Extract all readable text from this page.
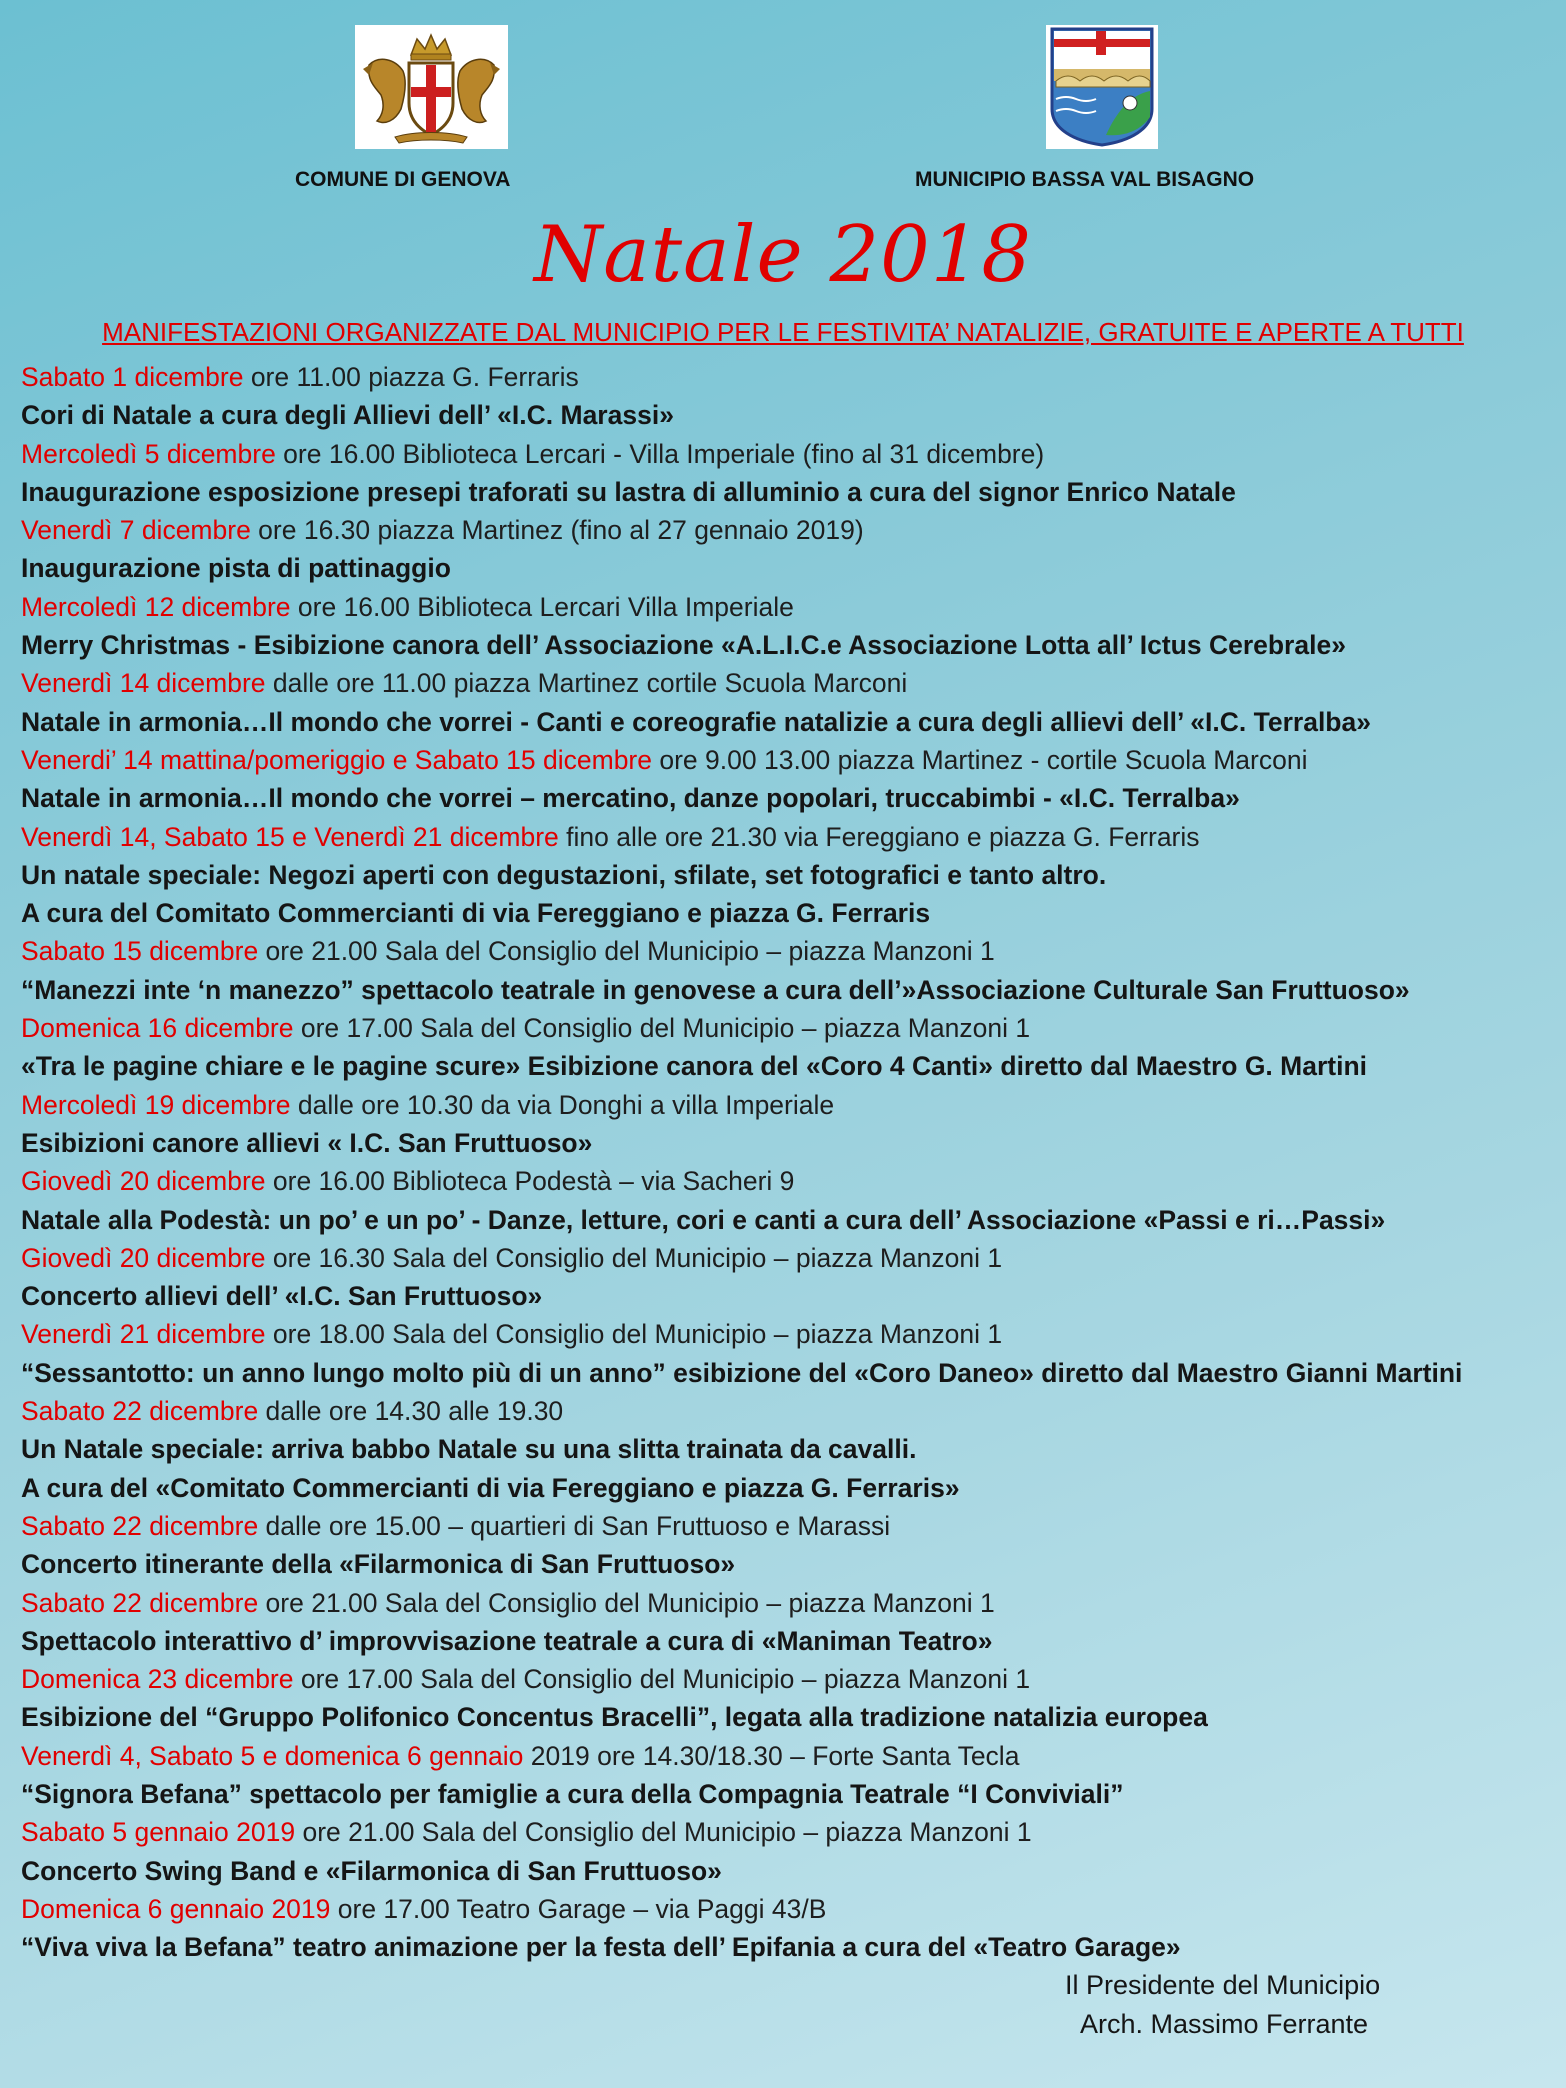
COMUNE DI GENOVA	MUNICIPIO BASSA VAL BISAGNO
Natale 2018
MANIFESTAZIONI ORGANIZZATE DAL MUNICIPIO PER LE FESTIVITA’ NATALIZIE, GRATUITE E APERTE A TUTTI
Sabato 1 dicembre ore 11.00 piazza G. Ferraris
Cori di Natale a cura degli Allievi dell’ «I.C. Marassi»
Mercoledì 5 dicembre ore 16.00 Biblioteca Lercari - Villa Imperiale (fino al 31 dicembre)
Inaugurazione esposizione presepi traforati su lastra di alluminio a cura del signor Enrico Natale
Venerdì 7 dicembre ore 16.30 piazza Martinez (fino al 27 gennaio 2019)
Inaugurazione pista di pattinaggio
Mercoledì 12 dicembre ore 16.00 Biblioteca Lercari Villa Imperiale
Merry Christmas - Esibizione canora dell’ Associazione «A.L.I.C.e Associazione Lotta all’ Ictus Cerebrale»
Venerdì 14 dicembre dalle ore 11.00 piazza Martinez cortile Scuola Marconi
Natale in armonia…Il mondo che vorrei - Canti e coreografie natalizie a cura degli allievi dell’ «I.C. Terralba»
Venerdi’ 14 mattina/pomeriggio e Sabato 15 dicembre ore 9.00 13.00 piazza Martinez - cortile Scuola Marconi
Natale in armonia…Il mondo che vorrei – mercatino, danze popolari, truccabimbi - «I.C. Terralba»
Venerdì 14, Sabato 15 e Venerdì 21 dicembre fino alle ore 21.30 via Fereggiano e piazza G. Ferraris
Un natale speciale: Negozi aperti con degustazioni, sfilate, set fotografici e tanto altro.
A cura del Comitato Commercianti di via Fereggiano e piazza G. Ferraris
Sabato 15 dicembre ore 21.00 Sala del Consiglio del Municipio – piazza Manzoni 1
“Manezzi inte ‘n manezzo” spettacolo teatrale in genovese a cura dell’»Associazione Culturale San Fruttuoso»
Domenica 16 dicembre ore 17.00 Sala del Consiglio del Municipio – piazza Manzoni 1
«Tra le pagine chiare e le pagine scure» Esibizione canora del «Coro 4 Canti» diretto dal Maestro G. Martini
Mercoledì 19 dicembre dalle ore 10.30 da via Donghi a villa Imperiale
Esibizioni canore allievi « I.C. San Fruttuoso»
Giovedì 20 dicembre ore 16.00 Biblioteca Podestà – via Sacheri 9
Natale alla Podestà: un po’ e un po’ - Danze, letture, cori e canti a cura dell’ Associazione «Passi e ri…Passi»
Giovedì 20 dicembre ore 16.30 Sala del Consiglio del Municipio – piazza Manzoni 1
Concerto allievi dell’ «I.C. San Fruttuoso»
Venerdì 21 dicembre ore 18.00 Sala del Consiglio del Municipio – piazza Manzoni 1
“Sessantotto: un anno lungo molto più di un anno” esibizione del «Coro Daneo» diretto dal Maestro Gianni Martini
Sabato 22 dicembre dalle ore 14.30 alle 19.30
Un Natale speciale: arriva babbo Natale su una slitta trainata da cavalli.
A cura del «Comitato Commercianti di via Fereggiano e piazza G. Ferraris»
Sabato 22 dicembre dalle ore 15.00 – quartieri di San Fruttuoso e Marassi
Concerto itinerante della «Filarmonica di San Fruttuoso»
Sabato 22 dicembre ore 21.00 Sala del Consiglio del Municipio – piazza Manzoni 1
Spettacolo interattivo d’ improvvisazione teatrale a cura di «Maniman Teatro»
Domenica 23 dicembre ore 17.00 Sala del Consiglio del Municipio – piazza Manzoni 1
Esibizione del “Gruppo Polifonico Concentus Bracelli”, legata alla tradizione natalizia europea
Venerdì 4, Sabato 5 e domenica 6 gennaio 2019 ore 14.30/18.30 – Forte Santa Tecla
“Signora Befana” spettacolo per famiglie a cura della Compagnia Teatrale “I Conviviali”
Sabato 5 gennaio 2019 ore 21.00 Sala del Consiglio del Municipio – piazza Manzoni 1
Concerto Swing Band e «Filarmonica di San Fruttuoso»
Domenica 6 gennaio 2019 ore 17.00 Teatro Garage – via Paggi 43/B
“Viva viva la Befana” teatro animazione per la festa dell’ Epifania a cura del «Teatro Garage»
Il Presidente del Municipio
Arch. Massimo Ferrante
